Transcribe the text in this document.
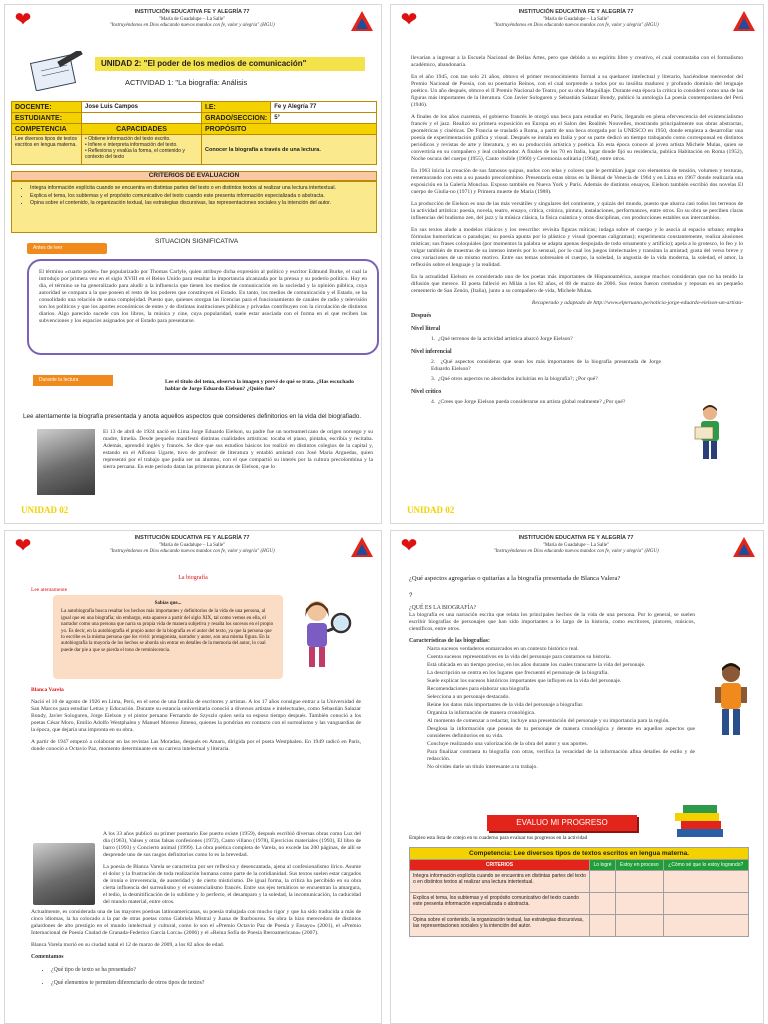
❤	INSTITUCIÓN EDUCATIVA FE Y ALEGRÍA 77
"María de Guadalupe – La Salle"
"Instruyéndonos en Dios educando nuevos mundos con fe, valor y alegría" (HGU)
UNIDAD 2: "El poder de los medios de comunicación"
ACTIVIDAD 1: "La biografía: Análisis
DOCENTE:	Jose Luis Campos	I.E:	Fe y Alegría 77
ESTUDIANTE:		GRADO/SECCION:	5°
COMPETENCIA	CAPACIDADES	PROPÓSITO	
Lee diversos tipos de textos escritos en lengua materna.	• Obtiene información del texto escrito.
• Infiere e interpreta información del texto.
• Reflexiona y evalúa la forma, el contenido y contexto del texto	Conocer la biografía a través de una lectura.	
CRITERIOS DE EVALUACION
• Integra información explícita cuando se encuentra en distintas partes del texto o en distintos textos al realizar una lectura intertextual.
• Explica el tema, los subtemas y el propósito comunicativo del texto cuando este presenta información especializada o abstracta.
• Opina sobre el contenido, la organización textual, las estrategias discursivas, las representaciones sociales y la intención del autor.
Antes de leer
SITUACION SIGNIFICATIVA

El término «cuarto poder» fue popularizado por Thomas Carlyle, quien atribuye dicha expresión al político y escritor Edmund Burke, el cual la introdujo por primera vez en el siglo XVIII en el Reino Unido para resaltar la importancia alcanzada por la prensa y su poderío político. Hoy en día, el término se ha generalizado para aludir a la influencia que tienen los medios de comunicación en la sociedad y la opinión pública, cuya autoridad se compara a la que poseen el resto de los poderes que constituyen el Estado. En tanto, los medios de comunicación y el Estado, se ha consolidado una relación de suma complejidad. Puesto que, quienes otorgan las licencias para el funcionamiento de canales de radio y televisión son los políticos y que los aportes económicos de entes y de distintas instituciones públicas y privadas contribuyen con la circulación de distintos diarios. Algo parecido sucede con los libros, la música y cine, cuya popularidad, suele estar asociada con el forma en el que reciben las subvenciones y los espacios asignados por el Estado para presentarse.

Durante la lectura	Lee el título del tema, observa la imagen y prevé de qué se trata. ¿Has escuchado hablar de Jorge Eduardo Eielson? ¿Quién fue?
Lee atentamente la biografía presentada y anota aquellos aspectos que consideres definitorios en la vida del biografiado.

El 13 de abril de 1924 nació en Lima Jorge Eduardo Eielson, su padre fue un norteamericano de origen noruego y su madre, limeña. Desde pequeño manifestó distintas cualidades artísticas: tocaba el piano, pintaba, escribía y recitaba. Además, aprendió inglés y francés. Se dice que sus estudios básicos los realizó en distintos colegios de la capital y, estando en el Alfonso Ugarte, tuvo de profesor de literatura y entabló amistad con José María Arguedas, quien representó por el trabajo que podía ser un alumno, con el que compartió su interés por la cultura precolombina y la sierra peruana. En este periodo datan las primeras pinturas de Eielson, que lo

UNIDAD 02
❤	INSTITUCIÓN EDUCATIVA FE Y ALEGRÍA 77
"María de Guadalupe – La Salle"
"Instruyéndonos en Dios educando nuevos mundos con fe, valor y alegría" (HGU)

llevarían a ingresar a la Escuela Nacional de Bellas Artes, pero que debido a su espíritu libre y creativo, el cual contrastaba con el formalismo académico, abandonaría.

En el año 1945, con tan solo 21 años, obtuvo el primer reconocimiento formal a su quehacer intelectual y literario, haciéndose merecedor del Premio Nacional de Poesía, con su poemario Reinos, con el cual sorprende a todos por su insólita madurez y profundo dominio del lenguaje poético. Un año después, obtuvo el II Premio Nacional de Teatro, por su obra Maquillaje. Durante esta época la crítica lo consideró como una de las figuras más importantes de la literatura. Con Javier Sologuren y Sebastián Salazar Bondy, publicó la antología La poesía contemporánea del Perú (1946).

A finales de los años cuarenta, el gobierno francés le otorgó una beca para estudiar en París, llegando en plena efervescencia del existencialismo francés y el jazz. Realizó su primera exposición en Europa en el Salon des Realités Nouvelles, mostrando principalmente sus obras abstractas, geométricas y cinéticas. De Francia se trasladó a Roma, a partir de una beca otorgada por la UNESCO en 1950, donde empieza a desarrollar una poesía de experimentación gráfica y visual. Después se instala en Italia y por su parte dedicó un tiempo trabajando como corresponsal en distintos periódicos y revistas de arte y literatura, y en su producción artística y poética. En esta época conoce al joven artista Michele Mulas, quien se convertiría en su compañero y leal colaborador. A finales de los 70 en Italia, lugar donde fijó su residencia, publica Habitación en Roma (1952), Noche oscura del cuerpo (1955), Canto visible (1960) y Ceremonia solitaria (1964), entre otros.

En 1963 inicia la creación de sus famosos quipus, nudos con telas y colores que le permitían jugar con elementos de tensión, volumen y texturas, rememorando con esto a su pasado precolombino. Presentaría estas obras en la Bienal de Venecia de 1964 y en Lima en 1967 donde realizaría una exposición en la Galería Moncloa. Expuso también en Nueva York y París. Además de distintos ensayos, Eielson también escribió dos novelas El cuerpo de Giulia-no (1971) y Primera muerte de María (1988).

La producción de Eielson es una de las más versátiles y singulares del continente, y quizás del mundo, puesto que abarca casi todos los terrenos de la actividad artística: poesía, novela, teatro, ensayo, crítica, crónica, pintura, instalaciones, performances, entre otros. En su obra se perciben claras influencias del budismo zen, del jazz y la música clásica, la física cuántica y otras disciplinas, con producciones estables sus intercambios.

En sus textos alude a modelos clásicos y los reescribe: revisita figuras míticas; indaga sobre el cuerpo y lo asocia al espacio urbano; emplea fórmulas humorísticas o paradojas; su poesía apunta por lo plástico y visual (poemas caligramas); experimenta constantemente, realiza alusiones místicas; sus frases coloquiales (por momentos la palabra se adapta apenas despojada de todo ornamento y artificio); apela a lo grotesco, lo feo y lo vulgar también de muestras de su intenso interés por lo sensual, por lo cual los juegos intelectuales y transitan la amistad; gusta del verso breve y crea variaciones de un mismo motivo. Entre sus temas sobresalen el cuerpo, la soledad, la angustia de la vida moderna, la soledad, el amor, la reflexión sobre el lenguaje y la realidad.

En la actualidad Eielson es considerado uno de los poetas más importantes de Hispanoamérica, aunque muchos consideran que no ha tenido la difusión que merece. El poeta falleció en Milán a los 82 años, el 08 de marzo de 2006. Sus restos fueron cremados y reposan en un pequeño cementerio de San Zenón, (Italia), junto a su compañero de vida, Michele Mulas.

Recuperado y adaptado de http://www.elperuano.pe/noticia-jorge-eduardo-eielson-un-artista-

Después
Nivel literal
1.  ¿Qué terrenos de la actividad artística abarcó Jorge Eielson?
Nivel inferencial
2.  ¿Qué aspectos consideras que sean los más importantes de la biografía presentada de Jorge Eduardo Eielson?
3.  ¿Qué otros aspectos no abordados incluirías en la biografía?; ¿Por qué?
Nivel crítico
4.  ¿Crees que Jorge Eielson pueda considerarse un artista global realmente? ¿Por qué?
UNIDAD 02
❤	INSTITUCIÓN EDUCATIVA FE Y ALEGRÍA 77
"María de Guadalupe – La Salle"
"Instruyéndonos en Dios educando nuevos mundos con fe, valor y alegría" (HGU)
La biografía
Lee atentamente
Sabías que...
La autobiografía busca resaltar los hechos más importantes y definitorios de la vida de una persona, al igual que en una biografía; sin embargo, esta aparece a partir del siglo XIX, tal como vemos en ella, el narrador como una persona que narra su propia vida de manera subjetiva y resalta los sucesos en el propio yo. Es decir, en la autobiografía el propio autor de la biografía es el autor del texto, ya que la persona que lo escribe es la misma persona que los vivió: protagonista, narrador y autor, son una misma figura. En la autobiografía la mayoría de los hechos se aborda sin entrar en detalles de la memoria del autor, lo cual puede dar pie a que se pierda el tono de reminiscencia.
Blanca Varela

Nació el 10 de agosto de 1926 en Lima, Perú, en el seno de una familia de escritores y artistas. A los 17 años consigue entrar a la Universidad de San Marcos para estudiar Letras y Educación. Durante su estancia universitaria conoció a diversos artistas e intelectuales, como Sebastián Salazar Bondy, Javier Sologuren, Jorge Eielson y el pintor peruano Fernando de Szyszlo quien sería su esposo tiempo después. También conoció a los poetas César Moro, Emilio Adolfo Westphalen y Manuel Moreno Jimeno, quienes la pondrían en contacto con el surrealismo y las vanguardias de la época, que dejaría una impronta en su obra.

A partir de 1947 empezó a colaborar en las revistas Las Moradas, después en Amaru, dirigida por el poeta Westphalen. En 1949 radicó en París, donde conoció a Octavio Paz, momento determinante en su carrera intelectual y literaria.

A los 33 años publicó su primer poemario Ese puerto existe (1959), después escribió diversas obras como Luz del día (1963), Valses y otras falsas confesiones (1972), Canto villano (1978), Ejercicios materiales (1993), El libro de barro (1993) y Concierto animal (1999). La obra poética completa de Varela, no excede las 200 páginas, de allí se desprende uno de sus rasgos definitorios como lo es la brevedad.

La poesía de Blanca Varela se caracteriza por ser reflexiva y desencantada, ajena al confesionalismo lírico. Asume el dolor y la frustración de toda realización humana como parte de la cotidianidad. Sus textos suelen estar cargados de ironía e irreverencia, de austeridad y de cierto misticismo. De igual forma, la crítica ha percibido en su obra cierta influencia del surrealismo y el existencialismo francés. Entre sus ejes temáticos se encuentran la amargura, el tedio, la desmitificación de lo sublime y lo perfecto, el desamparo y la soledad, la incomunicación, la caducidad del mundo material, entre otros.

Actualmente, es considerada una de las mayores poetisas latinoamericanas, su poesía trabajada con mucho rigor y que ha sido traducida a más de cinco idiomas, la ha colocado a la par de otras poetas como Gabriela Mistral y Juana de Ibarbourou. Su obra la hizo merecedora de distintos galardones de alto prestigio en el mundo intelectual y cultural, como lo son el «Premio Octavio Paz de Poesía y Ensayo» (2001), el «Premio Internacional de Poesía Ciudad de Granada-Federico García Lorca» (2006) y el «Reina Sofía de Poesía Iberoamericana» (2007).

Blanca Varela murió en su ciudad natal el 12 de marzo de 2009, a los 82 años de edad.

Comentamos
• ¿Qué tipo de texto se ha presentado?
• ¿Qué elementos te permiten diferenciarlo de otros tipos de textos?
❤	INSTITUCIÓN EDUCATIVA FE Y ALEGRÍA 77
"María de Guadalupe – La Salle"
"Instruyéndonos en Dios educando nuevos mundos con fe, valor y alegría" (HGU)
¿Qué aspectos agregarías o quitarías a la biografía presentada de Blanca Valera?
?
¿QUÉ ES LA BIOGRAFÍA?

La biografía es una narración escrita que relata los principales hechos de la vida de una persona. Por lo general, se suelen escribir biografías de personajes que han sido importantes a lo largo de la historia, como escritores, pintores, músicos, científicos, entre otros.

Características de las biografías:
Narra sucesos verdaderos enmarcados en un contexto histórico real.
Cuenta sucesos representativos en la vida del personaje para contarnos su historia.
Está ubicada en un tiempo preciso, en los años durante los cuales transcurre la vida del personaje.
La descripción se centra en los lugares que frecuentó el personaje de la biografía.
Suele explicar los sucesos históricos importantes que influyen en la vida del personaje.
Recomendaciones para elaborar una biografía
Selecciona a un personaje destacado.
Reúne los datos más importantes de la vida del personaje a biografiar.
Organiza la información de manera cronológica.
Al momento de comenzar a redactar, incluye una presentación del personaje y su importancia para la región.
Desglosa la información que poseas de tu personaje de manera cronológica y detente en aquellos aspectos que consideres definitorios en su vida.
Concluye realizando una valorización de la obra del autor y sus aportes.
Para finalizar contrasta tu biografía con otras, verifica la veracidad de la información afina detalles de estilo y de redacción.
No olvides darle un título interesante a tu trabajo.
EVALUO MI PROGRESO
Empleo esta lista de cotejo en tu cuaderno para evaluar tus progresos en la actividad
Competencia: Lee diversos tipos de textos escritos en lengua materna.			
CRITERIOS	Lo logré	Estoy en proceso	¿Cómo sé que lo estoy logrando?
Integra información explícita cuando se encuentra en distintas partes del texto o en distintos textos al realizar una lectura intertextual.			
Explica el tema, los subtemas y el propósito comunicativo del texto cuando este presenta información especializada o abstracta.			
Opina sobre el contenido, la organización textual, las estrategias discursivas, las representaciones sociales y la intención del autor.			
